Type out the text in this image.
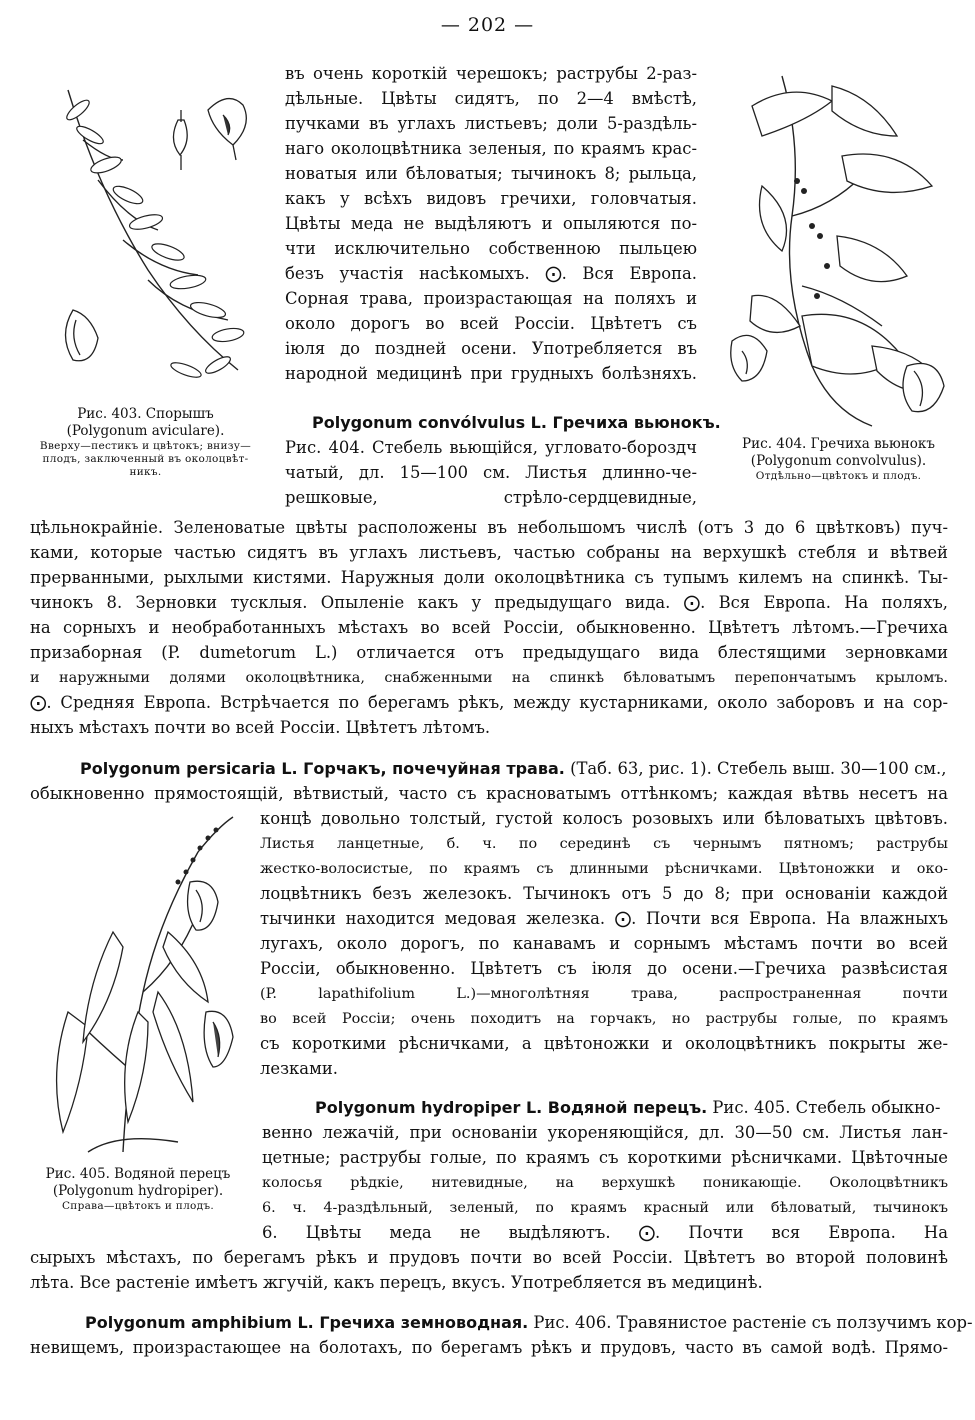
— 202 —
Рис. 403. Спорышъ
(Polygonum aviculare).
Вверху—пестикъ и цвѣтокъ; внизу—
плодъ, заключенный въ околоцвѣт-
никъ.
Рис. 404. Гречиха вьюнокъ
(Polygonum convolvulus).
Отдѣльно—цвѣтокъ и плодъ.
Рис. 405. Водяной перецъ
(Polygonum hydropiper).
Справа—цвѣтокъ и плодъ.
въ очень короткій черешокъ; раструбы 2-раз-
дѣльные. Цвѣты сидятъ, по 2—4 вмѣстѣ,
пучками въ углахъ листьевъ; доли 5-раздѣль-
наго околоцвѣтника зеленыя, по краямъ крас-
новатыя или бѣловатыя; тычинокъ 8; рыльца,
какъ у всѣхъ видовъ гречихи, головчатыя.
Цвѣты меда не выдѣляютъ и опыляются по-
чти исключительно собственною пыльцею
безъ участія насѣкомыхъ. ⨀. Вся Европа.
Сорная трава, произрастающая на поляхъ и
около дорогъ во всей Россіи. Цвѣтетъ съ
іюля до поздней осени. Употребляется въ
народной медицинѣ при грудныхъ болѣзняхъ.
Polygonum convólvulus L. Гречиха вьюнокъ.
Рис. 404. Стебель вьющійся, угловато-бороздч
чатый, дл. 15—100 см. Листья длинно-че-
решковые, стрѣло-сердцевидные,
цѣльнокрайніе. Зеленоватые цвѣты расположены въ небольшомъ числѣ (отъ 3 до 6 цвѣтковъ) пуч-
ками, которые частью сидятъ въ углахъ листьевъ, частью собраны на верхушкѣ стебля и вѣтвей
прерванными, рыхлыми кистями. Наружныя доли околоцвѣтника съ тупымъ килемъ на спинкѣ. Ты-
чинокъ 8. Зерновки тусклыя. Опыленіе какъ у предыдущаго вида. ⨀. Вся Европа. На поляхъ,
на сорныхъ и необработанныхъ мѣстахъ во всей Россіи, обыкновенно. Цвѣтетъ лѣтомъ.—Гречиха
призаборная (P. dumetorum L.) отличается отъ предыдущаго вида блестящими зерновками
и наружными долями околоцвѣтника, снабженными на спинкѣ бѣловатымъ перепончатымъ крыломъ.
⨀. Средняя Европа. Встрѣчается по берегамъ рѣкъ, между кустарниками, около заборовъ и на сор-
ныхъ мѣстахъ почти во всей Россіи. Цвѣтетъ лѣтомъ.
Polygonum persicaria L. Горчакъ, почечуйная трава. (Таб. 63, рис. 1). Стебель выш. 30—100 см.,
обыкновенно прямостоящій, вѣтвистый, часто съ красноватымъ оттѣнкомъ; каждая вѣтвь несетъ на
концѣ довольно толстый, густой колосъ розовыхъ или бѣловатыхъ цвѣтовъ.
Листья ланцетные, б. ч. по серединѣ съ чернымъ пятномъ; раструбы
жестко-волосистые, по краямъ съ длинными рѣсничками. Цвѣтоножки и око-
лоцвѣтникъ безъ железокъ. Тычинокъ отъ 5 до 8; при основаніи каждой
тычинки находится медовая железка. ⨀. Почти вся Европа. На влажныхъ
лугахъ, около дорогъ, по канавамъ и сорнымъ мѣстамъ почти во всей
Россіи, обыкновенно. Цвѣтетъ съ іюля до осени.—Гречиха развѣсистая
(P. lapathifolium L.)—многолѣтняя трава, распространенная почти
во всей Россіи; очень походитъ на горчакъ, но раструбы голые, по краямъ
съ короткими рѣсничками, а цвѣтоножки и околоцвѣтникъ покрыты же-
лезками.
Polygonum hydropiper L. Водяной перецъ. Рис. 405. Стебель обыкно-
венно лежачій, при основаніи укореняющійся, дл. 30—50 см. Листья лан-
цетные; раструбы голые, по краямъ съ короткими рѣсничками. Цвѣточные
колосья рѣдкіе, нитевидные, на верхушкѣ поникающіе. Околоцвѣтникъ
6. ч. 4-раздѣльный, зеленый, по краямъ красный или бѣловатый, тычинокъ
6. Цвѣты меда не выдѣляютъ. ⨀. Почти вся Европа. На
сырыхъ мѣстахъ, по берегамъ рѣкъ и прудовъ почти во всей Россіи. Цвѣтетъ во второй половинѣ
лѣта. Все растеніе имѣетъ жгучій, какъ перецъ, вкусъ. Употребляется въ медицинѣ.
Polygonum amphibium L. Гречиха земноводная. Рис. 406. Травянистое растеніе съ ползучимъ кор-
невищемъ, произрастающее на болотахъ, по берегамъ рѣкъ и прудовъ, часто въ самой водѣ. Прямо-
